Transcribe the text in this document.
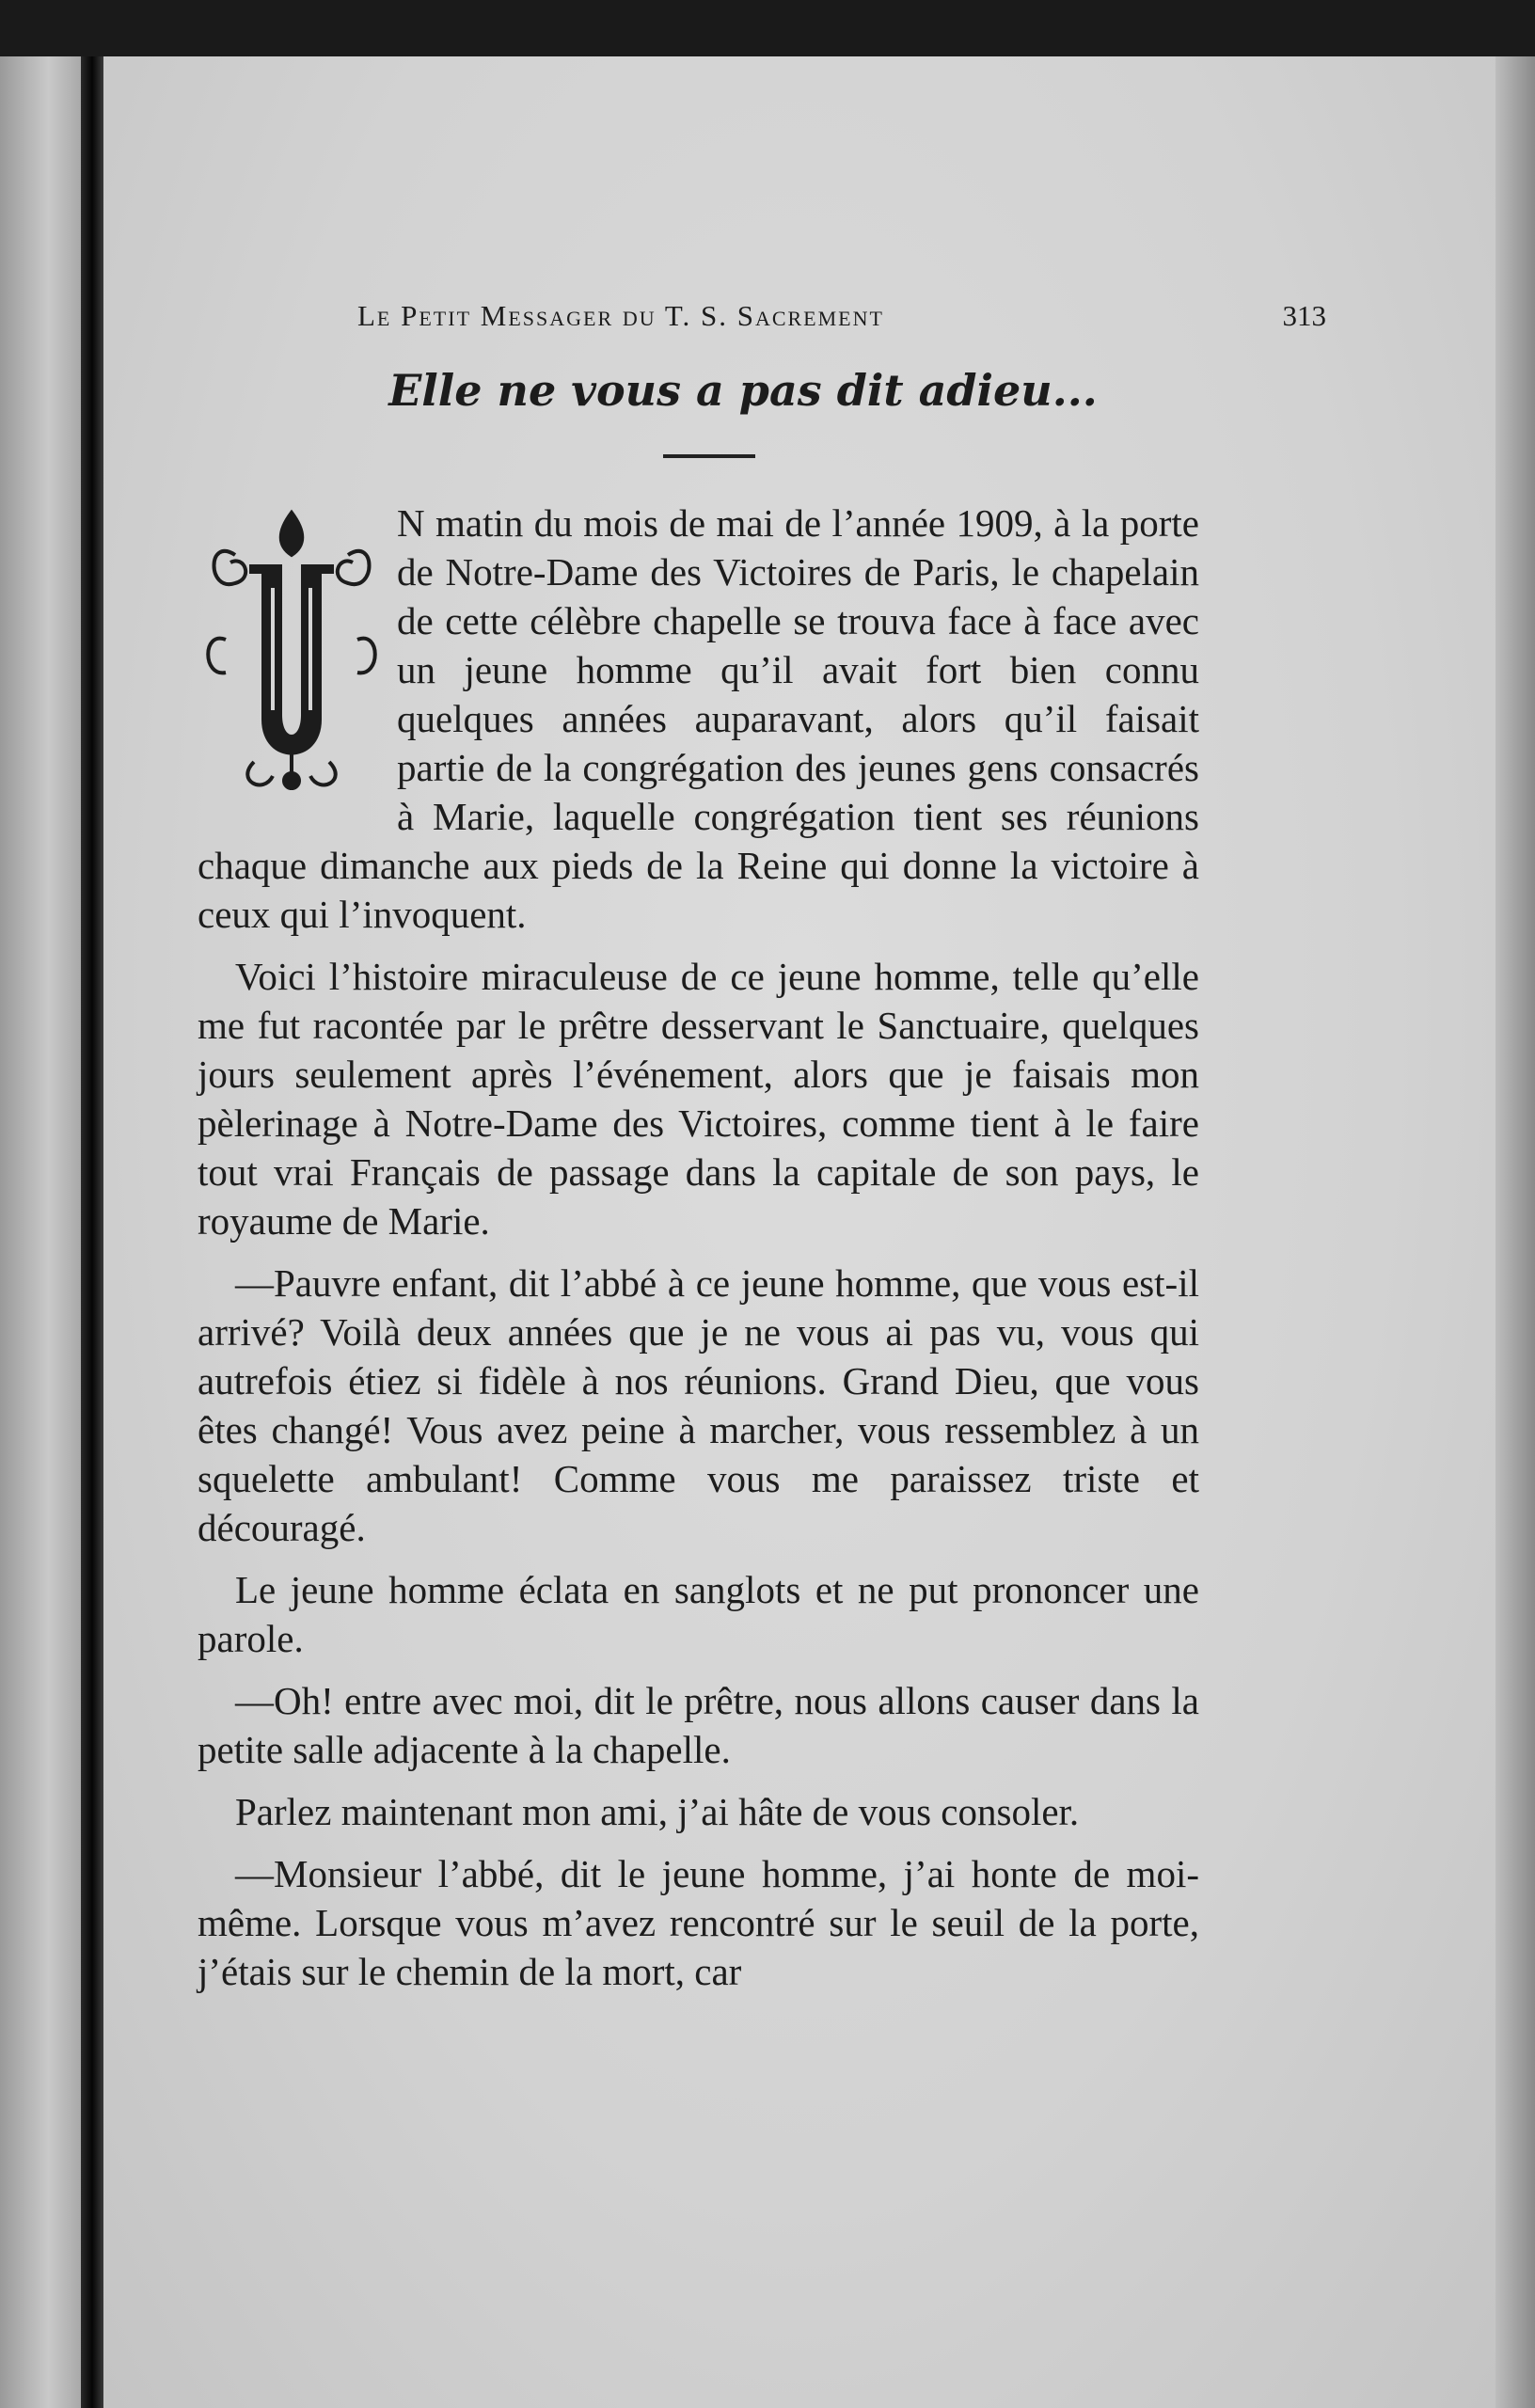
Le Petit Messager du T. S. Sacrement	313
Elle ne vous a pas dit adieu...

N matin du mois de mai de l’année 1909, à la porte de Notre-Dame des Victoires de Paris, le chapelain de cette célèbre chapelle se trouva face à face avec un jeune homme qu’il avait fort bien connu quelques années auparavant, alors qu’il faisait partie de la congrégation des jeunes gens consacrés à Marie, laquelle congrégation tient ses réunions chaque dimanche aux pieds de la Reine qui donne la victoire à ceux qui l’invoquent.

Voici l’histoire miraculeuse de ce jeune homme, telle qu’elle me fut racontée par le prêtre desservant le Sanctuaire, quelques jours seulement après l’événement, alors que je faisais mon pèlerinage à Notre-Dame des Victoires, comme tient à le faire tout vrai Français de passage dans la capitale de son pays, le royaume de Marie.

—Pauvre enfant, dit l’abbé à ce jeune homme, que vous est-il arrivé? Voilà deux années que je ne vous ai pas vu, vous qui autrefois étiez si fidèle à nos réunions. Grand Dieu, que vous êtes changé! Vous avez peine à marcher, vous ressemblez à un squelette ambulant! Comme vous me paraissez triste et découragé.

Le jeune homme éclata en sanglots et ne put prononcer une parole.

—Oh! entre avec moi, dit le prêtre, nous allons causer dans la petite salle adjacente à la chapelle.

Parlez maintenant mon ami, j’ai hâte de vous consoler.

—Monsieur l’abbé, dit le jeune homme, j’ai honte de moi-même. Lorsque vous m’avez rencontré sur le seuil de la porte, j’étais sur le chemin de la mort, car
